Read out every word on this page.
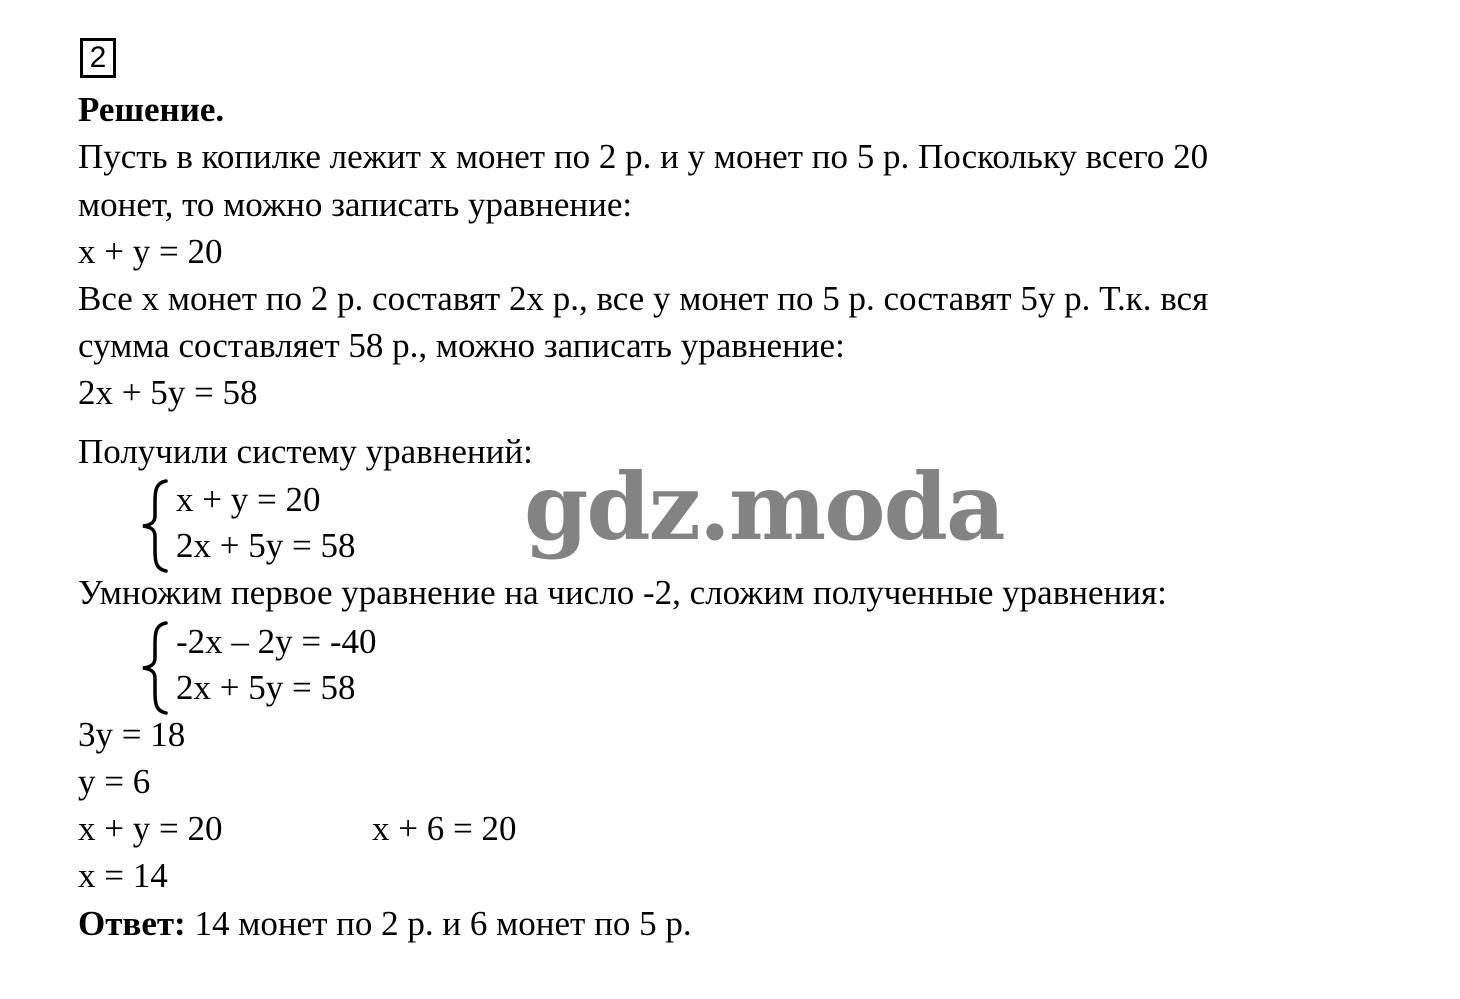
2
Решение.
Пусть в копилке лежит x монет по 2 р. и у монет по 5 р. Поскольку всего 20
монет, то можно записать уравнение:
x + y = 20
Все x монет по 2 р. составят 2x р., все y монет по 5 р. составят 5y р. Т.к. вся
сумма составляет 58 р., можно записать уравнение:
2x + 5y = 58
Получили систему уравнений:
x + y = 20
2x + 5y = 58
Умножим первое уравнение на число -2, сложим полученные уравнения:
-2x – 2y = -40
2x + 5y = 58
3y = 18
y = 6
x + y = 20	x + 6 = 20
x = 14
Ответ: 14 монет по 2 р. и 6 монет по 5 р.
gdz.moda
